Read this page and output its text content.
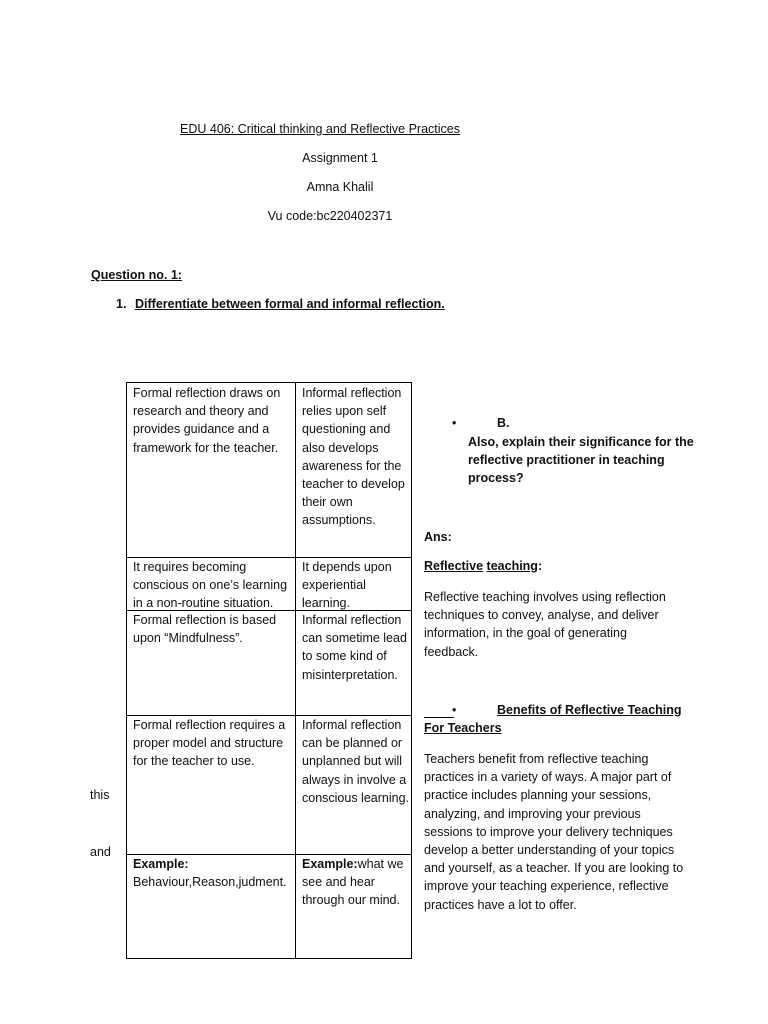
EDU 406: Critical thinking and Reflective Practices
Assignment 1
Amna Khalil
Vu code:bc220402371
Question no. 1:
1. Differentiate between formal and informal reflection.
Formal reflection draws on research and theory and provides guidance and a framework for the teacher.
Informal reflection relies upon self questioning and also develops awareness for the teacher to develop their own assumptions.
It requires becoming conscious on one’s learning in a non-routine situation.
It depends upon experiential learning.
Formal reflection is based upon “Mindfulness”.
Informal reflection can sometime lead to some kind of misinterpretation.
Formal reflection requires a proper model and structure for the teacher to use.
Informal reflection can be planned or unplanned but will always in involve a conscious learning.
Example:
Behaviour,Reason,judment.
Example:what we see and hear through our mind.
this
and
•	B.
Also, explain their significance for the reflective practitioner in teaching process?
Ans:
Reflective teaching:
Reflective teaching involves using reflection techniques to convey, analyse, and deliver information, in the goal of generating feedback.
•	Benefits of Reflective Teaching
For Teachers
Teachers benefit from reflective teaching practices in a variety of ways. A major part of practice includes planning your sessions, analyzing, and improving your previous sessions to improve your delivery techniques develop a better understanding of your topics and yourself, as a teacher. If you are looking to improve your teaching experience, reflective practices have a lot to offer.
